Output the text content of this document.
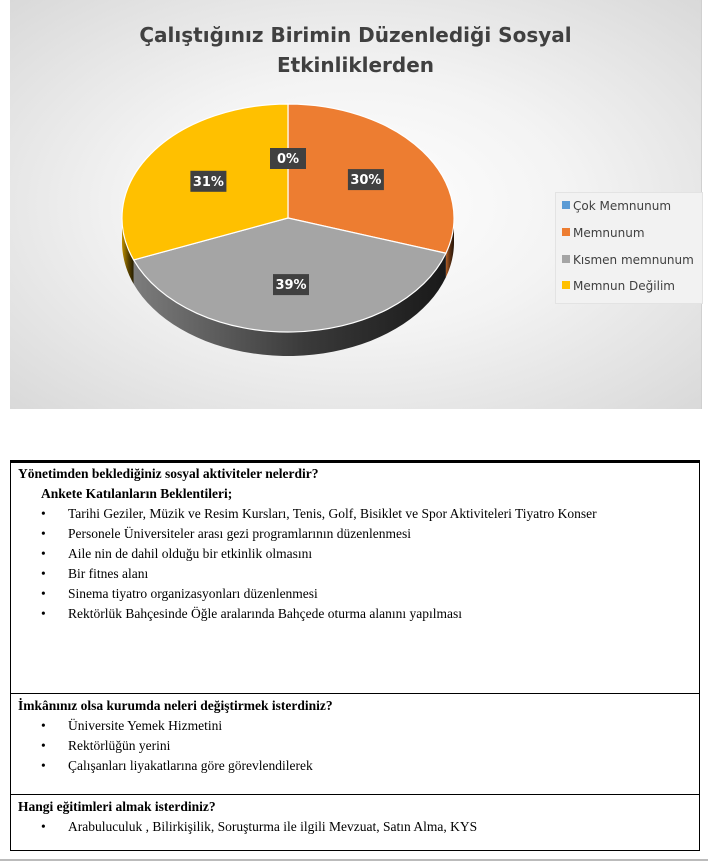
Çalıştığınız Birimin Düzenlediği Sosyal
Etkinliklerden
0%
30%
39%
31%
Çok Memnunum
Memnunum
Kısmen memnunum
Memnun Değilim
Yönetimden beklediğiniz sosyal aktiviteler nelerdir?
Ankete Katılanların Beklentileri;
• Tarihi Geziler, Müzik ve Resim Kursları, Tenis, Golf, Bisiklet ve Spor Aktiviteleri Tiyatro Konser
• Personele Üniversiteler arası gezi programlarının düzenlenmesi
• Aile nin de dahil olduğu bir etkinlik olmasını
• Bir fitnes alanı
• Sinema tiyatro organizasyonları düzenlenmesi
• Rektörlük Bahçesinde Öğle aralarında Bahçede oturma alanını yapılması
İmkânınız olsa kurumda neleri değiştirmek isterdiniz?
• Üniversite Yemek Hizmetini
• Rektörlüğün yerini
• Çalışanları liyakatlarına göre görevlendilerek
Hangi eğitimleri almak isterdiniz?
• Arabuluculuk , Bilirkişilik, Soruşturma ile ilgili Mevzuat, Satın Alma, KYS
